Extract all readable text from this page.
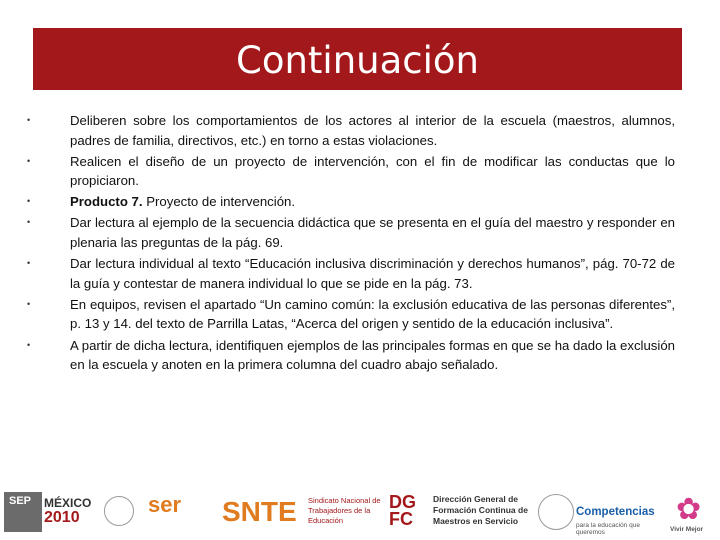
Continuación
•	Deliberen sobre los comportamientos de los actores al interior de la escuela (maestros, alumnos, padres de familia, directivos, etc.) en torno a estas violaciones.
•	Realicen el diseño de un proyecto de intervención, con el fin de modificar las conductas que lo propiciaron.
•	Producto 7. Proyecto de intervención.
•	Dar lectura al ejemplo de la secuencia didáctica que se presenta en el guía del maestro y responder en plenaria las preguntas de la pág. 69.
•	Dar lectura individual al texto “Educación inclusiva discriminación y derechos humanos”, pág. 70-72 de la guía y contestar de manera individual lo que se pide en la pág. 73.
•	En equipos, revisen el apartado “Un camino común: la exclusión educativa de las personas diferentes”, p. 13 y 14. del texto de Parrilla Latas, “Acerca del origen y sentido de la educación inclusiva”.
•	A partir de dicha lectura, identifiquen ejemplos de las principales formas en que se ha dado la exclusión en la escuela y anoten en la primera columna del cuadro abajo señalado.
SEP MÉXICO
2010
ser SNTE Sindicato Nacional de Trabajadores de la Educación
DG FC
Dirección General de Formación Continua de Maestros en Servicio
Competencias
para la educación que queremos
✿
Vivir Mejor
